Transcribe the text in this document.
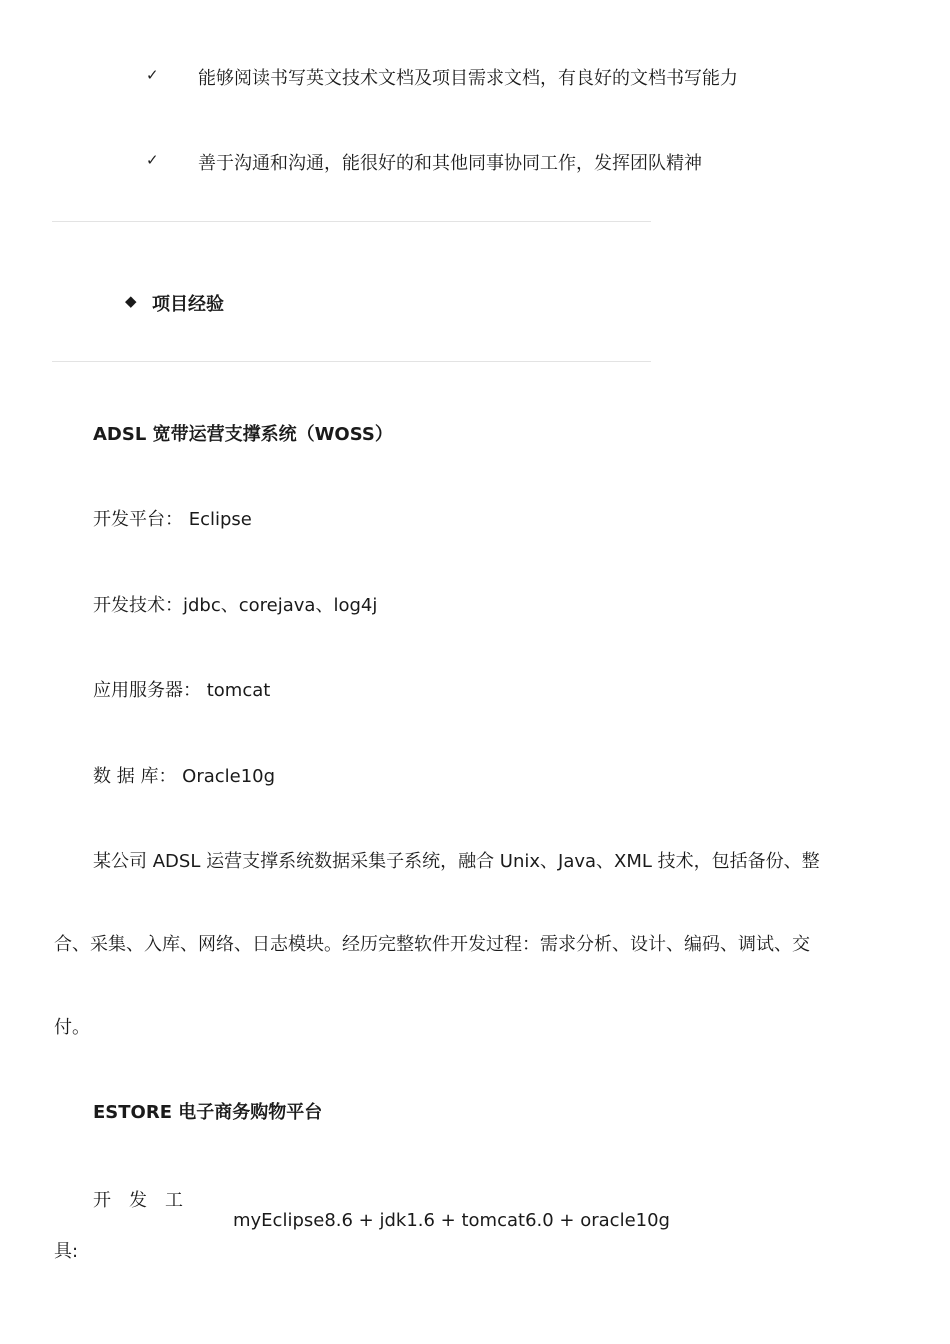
✓ 能够阅读书写英文技术文档及项目需求文档，有良好的文档书写能力
✓ 善于沟通和沟通，能很好的和其他同事协同工作，发挥团队精神
◆ 项目经验
ADSL 宽带运营支撑系统（WOSS）
开发平台： Eclipse
开发技术：jdbc、corejava、log4j
应用服务器： tomcat
数 据 库： Oracle10g
某公司 ADSL 运营支撑系统数据采集子系统，融合 Unix、Java、XML 技术，包括备份、整
合、采集、入库、网络、日志模块。经历完整软件开发过程：需求分析、设计、编码、调试、交
付。
ESTORE 电子商务购物平台
开　发　工
具:
myEclipse8.6 + jdk1.6 + tomcat6.0 + oracle10g
